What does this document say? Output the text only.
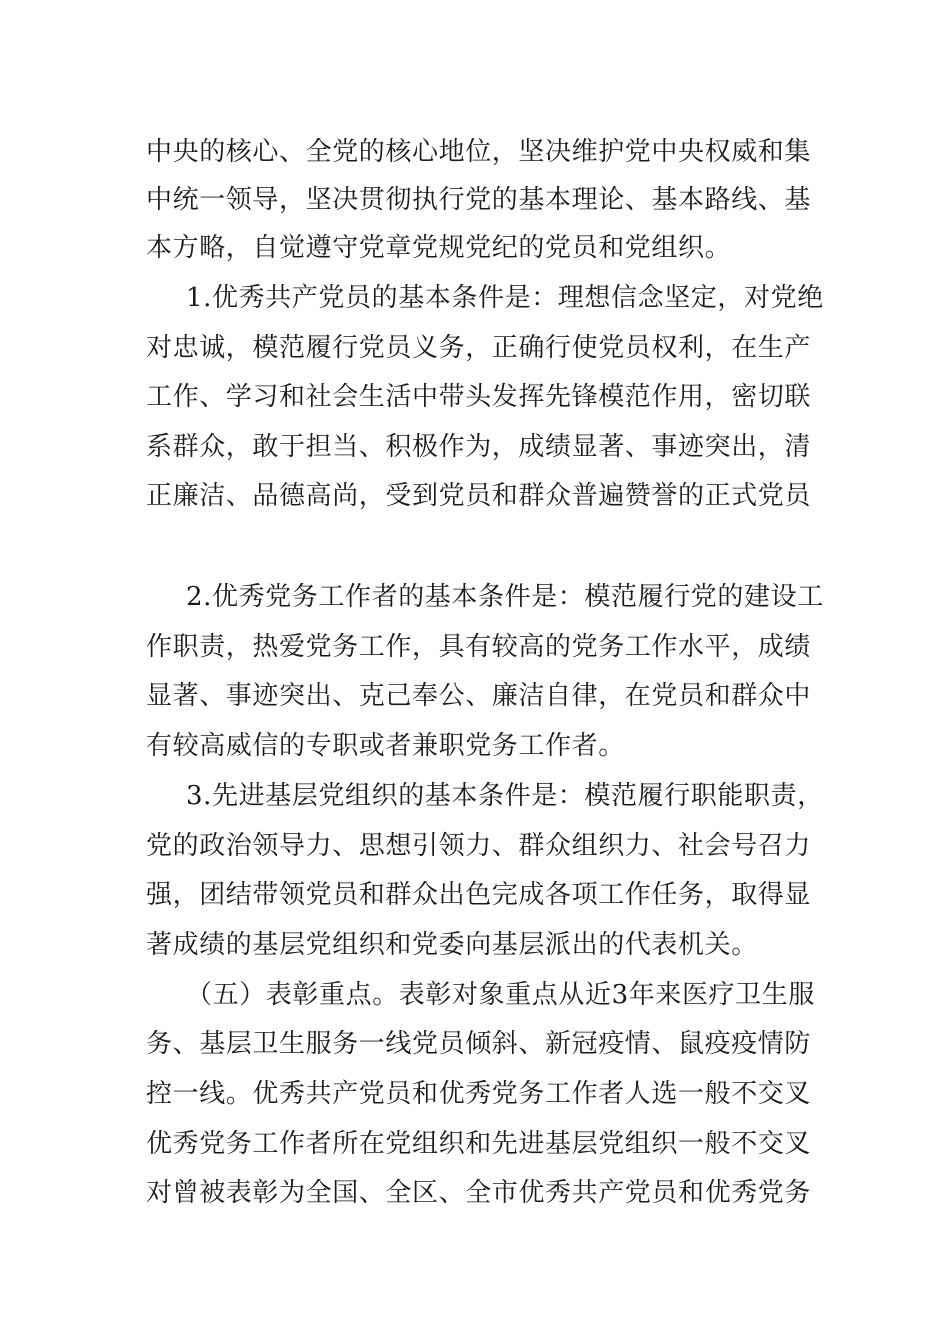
中央的核心、全党的核心地位，坚决维护党中央权威和集
中统一领导，坚决贯彻执行党的基本理论、基本路线、基
本方略，自觉遵守党章党规党纪的党员和党组织。
1.优秀共产党员的基本条件是：理想信念坚定，对党绝
对忠诚，模范履行党员义务，正确行使党员权利，在生产
工作、学习和社会生活中带头发挥先锋模范作用，密切联
系群众，敢于担当、积极作为，成绩显著、事迹突出，清
正廉洁、品德高尚，受到党员和群众普遍赞誉的正式党员
2.优秀党务工作者的基本条件是：模范履行党的建设工
作职责，热爱党务工作，具有较高的党务工作水平，成绩
显著、事迹突出、克己奉公、廉洁自律，在党员和群众中
有较高威信的专职或者兼职党务工作者。
3.先进基层党组织的基本条件是：模范履行职能职责，
党的政治领导力、思想引领力、群众组织力、社会号召力
强，团结带领党员和群众出色完成各项工作任务，取得显
著成绩的基层党组织和党委向基层派出的代表机关。
（五）表彰重点。表彰对象重点从近3年来医疗卫生服
务、基层卫生服务一线党员倾斜、新冠疫情、鼠疫疫情防
控一线。优秀共产党员和优秀党务工作者人选一般不交叉
优秀党务工作者所在党组织和先进基层党组织一般不交叉
对曾被表彰为全国、全区、全市优秀共产党员和优秀党务
